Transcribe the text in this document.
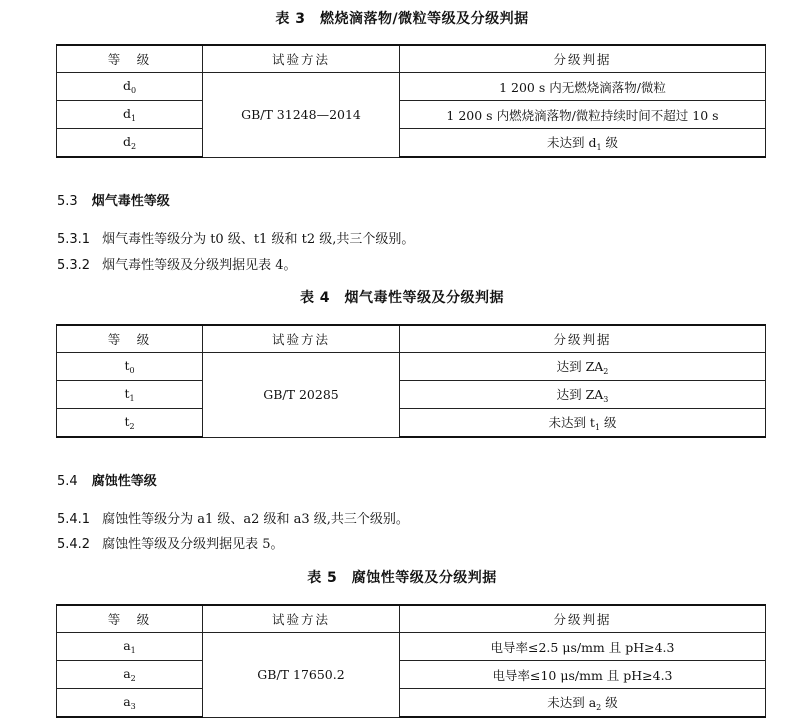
表 3　燃烧滴落物/微粒等级及分级判据
等　级	试验方法	分级判据
$d_0$	GB/T 31248—2014	1 200 s 内无燃烧滴落物/微粒
$d_1$		1 200 s 内燃烧滴落物/微粒持续时间不超过 10 s
$d_2$		未达到 $d_1$ 级
5.3 烟气毒性等级
5.3.1 烟气毒性等级分为 t0 级、t1 级和 t2 级,共三个级别。
5.3.2 烟气毒性等级及分级判据见表 4。
表 4　烟气毒性等级及分级判据
等　级	试验方法	分级判据
$t_0$	GB/T 20285	达到 $ZA_2$
$t_1$		达到 $ZA_3$
$t_2$		未达到 $t_1$ 级
5.4 腐蚀性等级
5.4.1 腐蚀性等级分为 a1 级、a2 级和 a3 级,共三个级别。
5.4.2 腐蚀性等级及分级判据见表 5。
表 5　腐蚀性等级及分级判据
等　级	试验方法	分级判据
$a_1$	GB/T 17650.2	电导率≤2.5 μs/mm 且 pH≥4.3
$a_2$		电导率≤10 μs/mm 且 pH≥4.3
$a_3$		未达到 $a_2$ 级
